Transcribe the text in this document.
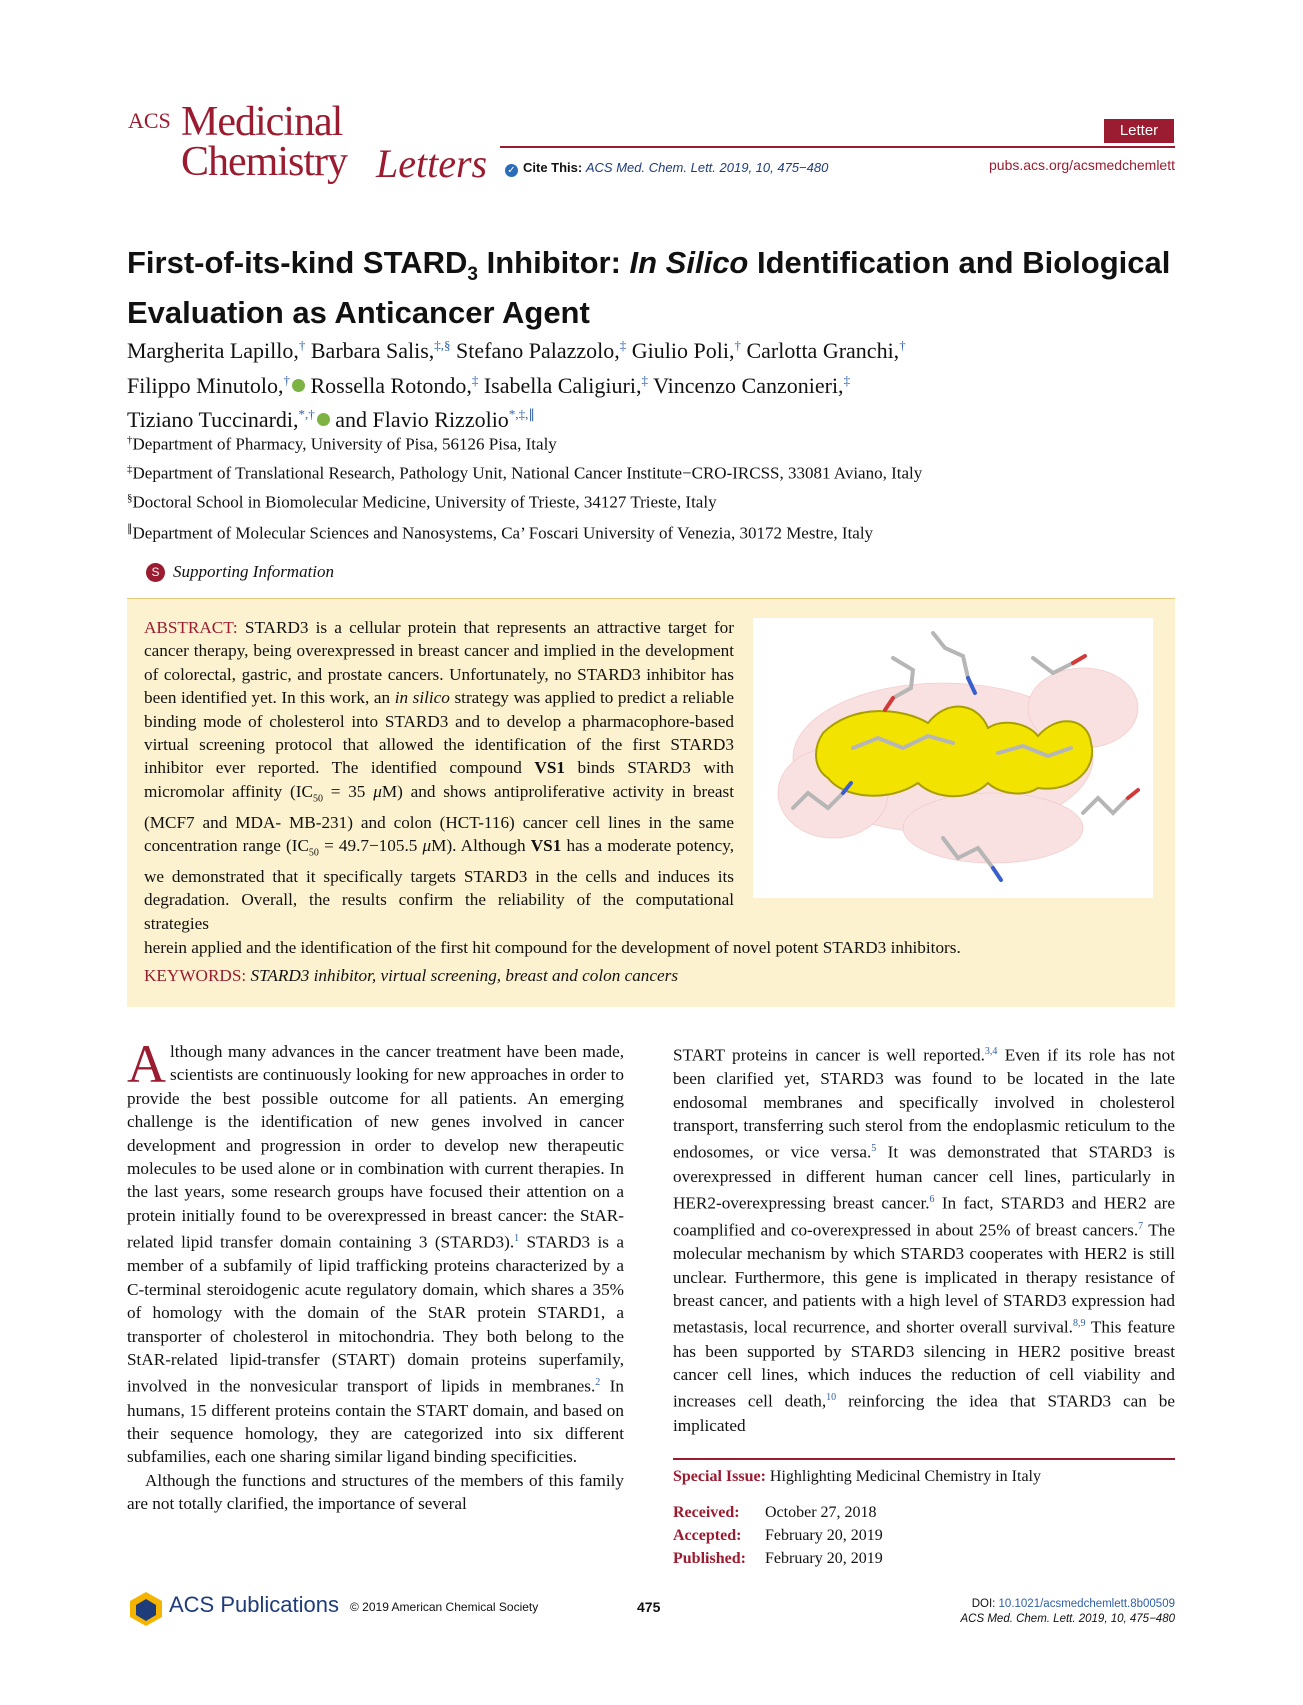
ACS Medicinal
Chemistry Letters
Letter
✓ Cite This: ACS Med. Chem. Lett. 2019, 10, 475−480	pubs.acs.org/acsmedchemlett
First-of-its-kind $STARD_3$ Inhibitor: In Silico Identification and Biological Evaluation as Anticancer Agent
Margherita Lapillo,† Barbara Salis,‡,§ Stefano Palazzolo,‡ Giulio Poli,† Carlotta Granchi,†
Filippo Minutolo,† Rossella Rotondo,‡ Isabella Caligiuri,‡ Vincenzo Canzonieri,‡
Tiziano Tuccinardi,*,† and Flavio Rizzolio*,‡,∥
†Department of Pharmacy, University of Pisa, 56126 Pisa, Italy
‡Department of Translational Research, Pathology Unit, National Cancer Institute−CRO-IRCSS, 33081 Aviano, Italy
§Doctoral School in Biomolecular Medicine, University of Trieste, 34127 Trieste, Italy
∥Department of Molecular Sciences and Nanosystems, Ca’ Foscari University of Venezia, 30172 Mestre, Italy
S Supporting Information
ABSTRACT: STARD3 is a cellular protein that represents an attractive target for cancer therapy, being overexpressed in breast cancer and implied in the development of colorectal, gastric, and prostate cancers. Unfortunately, no STARD3 inhibitor has been identified yet. In this work, an in silico strategy was applied to predict a reliable binding mode of cholesterol into STARD3 and to develop a pharmacophore-based virtual screening protocol that allowed the identification of the first STARD3 inhibitor ever reported. The identified compound VS1 binds STARD3 with micromolar affinity ($IC_{50} = 35$ μM) and shows antiproliferative activity in breast (MCF7 and MDA- MB-231) and colon (HCT-116) cancer cell lines in the same concentration range ($IC_{50} = 49.7-105.5$ μM). Although VS1 has a moderate potency, we demonstrated that it specifically targets STARD3 in the cells and induces its degradation. Overall, the results confirm the reliability of the computational strategies
herein applied and the identification of the first hit compound for the development of novel potent STARD3 inhibitors.
KEYWORDS: STARD3 inhibitor, virtual screening, breast and colon cancers

Although many advances in the cancer treatment have been made, scientists are continuously looking for new approaches in order to provide the best possible outcome for all patients. An emerging challenge is the identification of new genes involved in cancer development and progression in order to develop new therapeutic molecules to be used alone or in combination with current therapies. In the last years, some research groups have focused their attention on a protein initially found to be overexpressed in breast cancer: the StAR-related lipid transfer domain containing 3 (STARD3).$^1$ STARD3 is a member of a subfamily of lipid trafficking proteins characterized by a C-terminal steroidogenic acute regulatory domain, which shares a 35% of homology with the domain of the StAR protein STARD1, a transporter of cholesterol in mitochondria. They both belong to the StAR-related lipid-transfer (START) domain proteins superfamily, involved in the nonvesicular transport of lipids in membranes.$^2$ In humans, 15 different proteins contain the START domain, and based on their sequence homology, they are categorized into six different subfamilies, each one sharing similar ligand binding specificities.

Although the functions and structures of the members of this family are not totally clarified, the importance of several

START proteins in cancer is well reported.$^{3,4}$ Even if its role has not been clarified yet, STARD3 was found to be located in the late endosomal membranes and specifically involved in cholesterol transport, transferring such sterol from the endoplasmic reticulum to the endosomes, or vice versa.$^5$ It was demonstrated that STARD3 is overexpressed in different human cancer cell lines, particularly in HER2-overexpressing breast cancer.$^6$ In fact, STARD3 and HER2 are coamplified and co-overexpressed in about 25% of breast cancers.$^7$ The molecular mechanism by which STARD3 cooperates with HER2 is still unclear. Furthermore, this gene is implicated in therapy resistance of breast cancer, and patients with a high level of STARD3 expression had metastasis, local recurrence, and shorter overall survival.$^{8,9}$ This feature has been supported by STARD3 silencing in HER2 positive breast cancer cell lines, which induces the reduction of cell viability and increases cell death,$^{10}$ reinforcing the idea that STARD3 can be implicated

Special Issue: Highlighting Medicinal Chemistry in Italy
Received: October 27, 2018
Accepted: February 20, 2019
Published: February 20, 2019
ACS Publications © 2019 American Chemical Society	475	DOI: 10.1021/acsmedchemlett.8b00509
ACS Med. Chem. Lett. 2019, 10, 475−480
